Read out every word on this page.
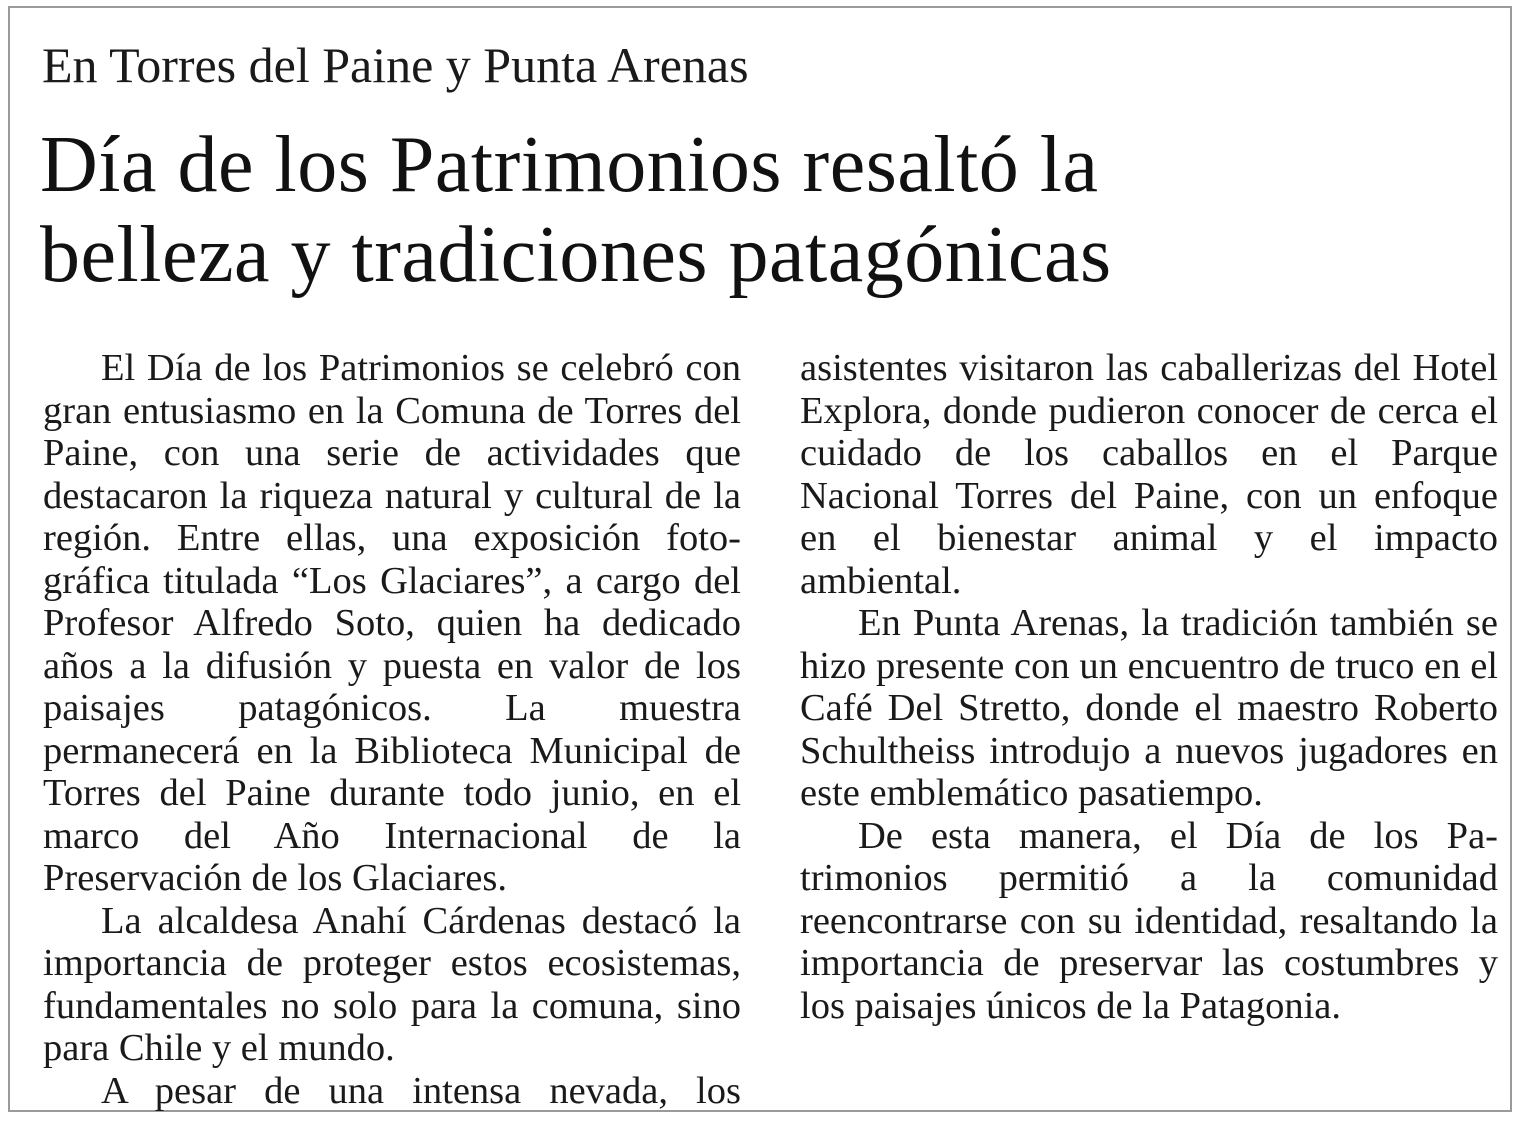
En Torres del Paine y Punta Arenas
Día de los Patrimonios resaltó la
belleza y tradiciones patagónicas

El Día de los Patrimonios se celebró con gran entusiasmo en la Comuna de Torres del Paine, con una serie de actividades que destacaron la riqueza natural y cultural de la región. Entre ellas, una exposición fotográfica titulada “Los Glaciares”, a cargo del Profesor Alfredo Soto, quien ha dedicado años a la difusión y puesta en valor de los paisajes patagónicos. La muestra permanecerá en la Biblioteca Municipal de Torres del Paine durante todo junio, en el marco del Año Internacional de la Preservación de los Glaciares.

La alcaldesa Anahí Cárdenas destacó la importancia de proteger estos ecosistemas, fundamentales no solo para la comuna, sino para Chile y el mundo.

A pesar de una intensa nevada, los

asistentes visitaron las caballerizas del Hotel Explora, donde pudieron conocer de cerca el cuidado de los caballos en el Parque Nacional Torres del Paine, con un enfoque en el bienestar animal y el impacto ambiental.

En Punta Arenas, la tradición también se hizo presente con un encuentro de truco en el Café Del Stretto, donde el maestro Roberto Schultheiss introdujo a nuevos jugadores en este emblemático pasatiempo.

De esta manera, el Día de los Patrimonios permitió a la comunidad reencontrarse con su identidad, resaltando la importancia de preservar las costumbres y los paisajes únicos de la Patagonia.
